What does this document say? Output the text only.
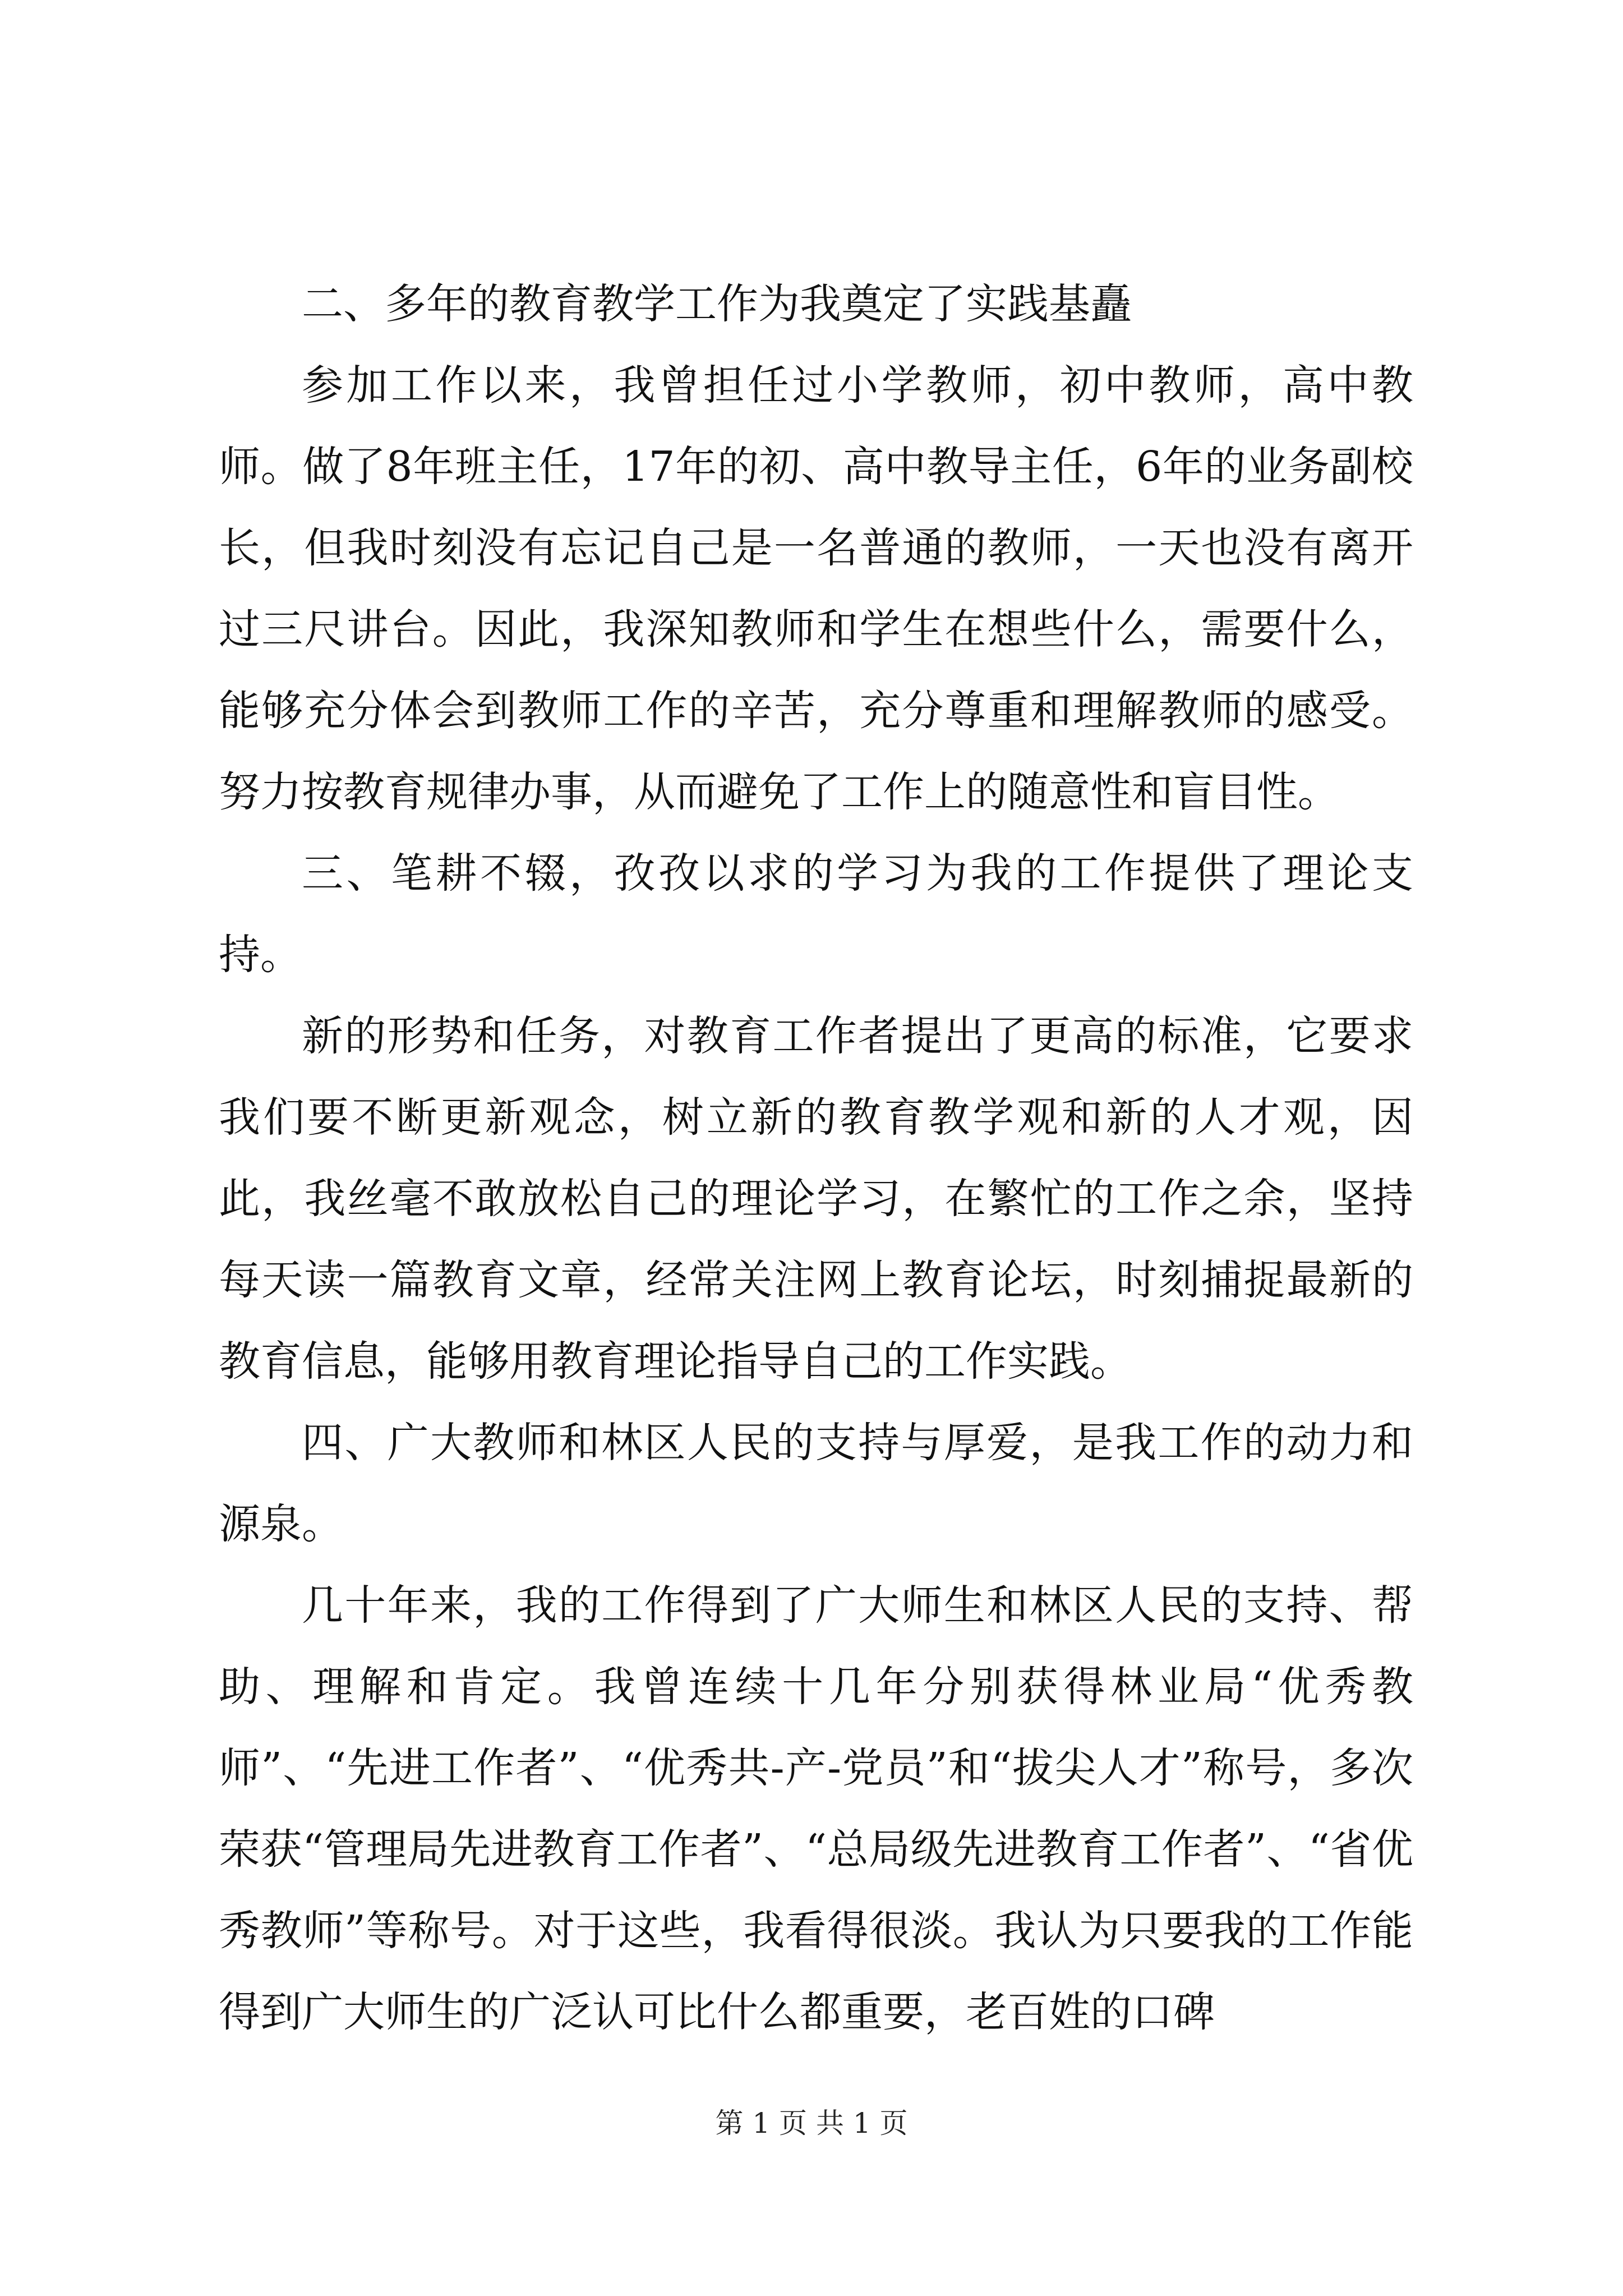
二、多年的教育教学工作为我奠定了实践基矗

参加工作以来，我曾担任过小学教师，初中教师，高中教师。做了8年班主任，17年的初、高中教导主任，6年的业务副校长，但我时刻没有忘记自己是一名普通的教师，一天也没有离开过三尺讲台。因此，我深知教师和学生在想些什么，需要什么，能够充分体会到教师工作的辛苦，充分尊重和理解教师的感受。努力按教育规律办事，从而避免了工作上的随意性和盲目性。

三、笔耕不辍，孜孜以求的学习为我的工作提供了理论支持。

新的形势和任务，对教育工作者提出了更高的标准，它要求我们要不断更新观念，树立新的教育教学观和新的人才观，因此，我丝毫不敢放松自己的理论学习，在繁忙的工作之余，坚持每天读一篇教育文章，经常关注网上教育论坛，时刻捕捉最新的教育信息，能够用教育理论指导自己的工作实践。

四、广大教师和林区人民的支持与厚爱，是我工作的动力和源泉。

几十年来，我的工作得到了广大师生和林区人民的支持、帮助、理解和肯定。我曾连续十几年分别获得林业局“优秀教师”、“先进工作者”、“优秀共-产-党员”和“拔尖人才”称号，多次荣获“管理局先进教育工作者”、“总局级先进教育工作者”、“省优秀教师”等称号。对于这些，我看得很淡。我认为只要我的工作能得到广大师生的广泛认可比什么都重要，老百姓的口碑

第 1 页 共 1 页
